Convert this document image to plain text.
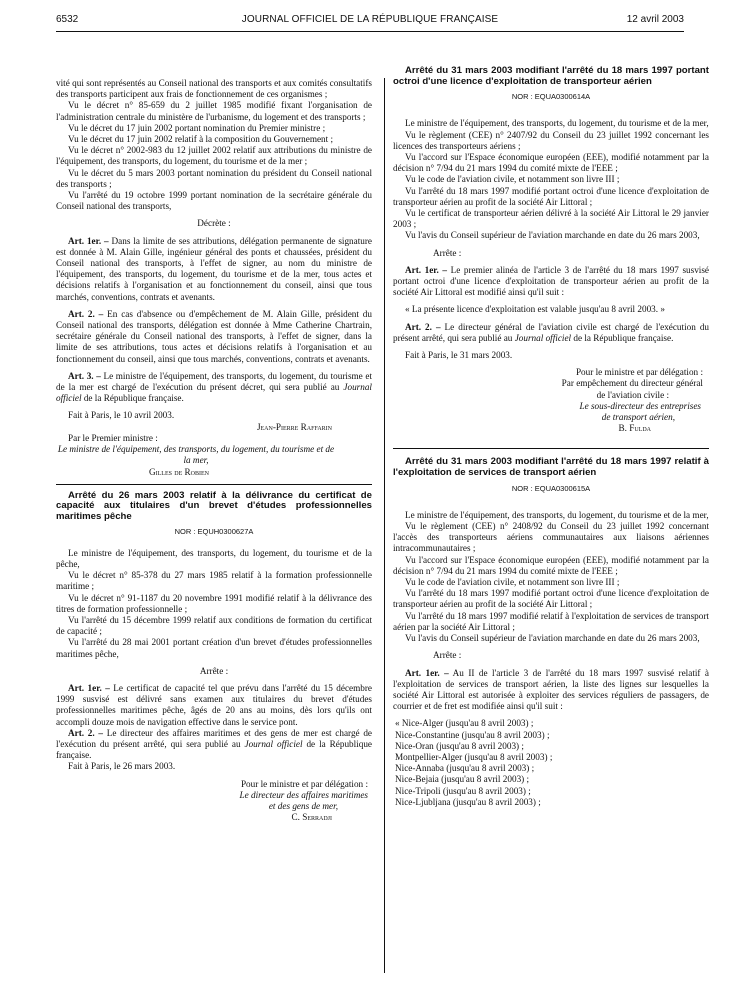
6532	JOURNAL OFFICIEL DE LA RÉPUBLIQUE FRANÇAISE	12 avril 2003

vité qui sont représentés au Conseil national des transports et aux comités consultatifs des transports participent aux frais de fonctionnement de ces organismes ;

Vu le décret n° 85-659 du 2 juillet 1985 modifié fixant l'organisation de l'administration centrale du ministère de l'urbanisme, du logement et des transports ;

Vu le décret du 17 juin 2002 portant nomination du Premier ministre ;

Vu le décret du 17 juin 2002 relatif à la composition du Gouvernement ;

Vu le décret n° 2002-983 du 12 juillet 2002 relatif aux attributions du ministre de l'équipement, des transports, du logement, du tourisme et de la mer ;

Vu le décret du 5 mars 2003 portant nomination du président du Conseil national des transports ;

Vu l'arrêté du 19 octobre 1999 portant nomination de la secrétaire générale du Conseil national des transports,

Décrète :

Art. 1er. – Dans la limite de ses attributions, délégation permanente de signature est donnée à M. Alain Gille, ingénieur général des ponts et chaussées, président du Conseil national des transports, à l'effet de signer, au nom du ministre de l'équipement, des transports, du logement, du tourisme et de la mer, tous actes et décisions relatifs à l'organisation et au fonctionnement du conseil, ainsi que tous marchés, conventions, contrats et avenants.

Art. 2. – En cas d'absence ou d'empêchement de M. Alain Gille, président du Conseil national des transports, délégation est donnée à Mme Catherine Chartrain, secrétaire générale du Conseil national des transports, à l'effet de signer, dans la limite de ses attributions, tous actes et décisions relatifs à l'organisation et au fonctionnement du conseil, ainsi que tous marchés, conventions, contrats et avenants.

Art. 3. – Le ministre de l'équipement, des transports, du logement, du tourisme et de la mer est chargé de l'exécution du présent décret, qui sera publié au Journal officiel de la République française.

Fait à Paris, le 10 avril 2003.

Jean-Pierre Raffarin

Par le Premier ministre :

Le ministre de l'équipement, des transports, du logement, du tourisme et de la mer,

Gilles de Robien

Arrêté du 26 mars 2003 relatif à la délivrance du certificat de capacité aux titulaires d'un brevet d'études professionnelles maritimes pêche

NOR : EQUH0300627A

Le ministre de l'équipement, des transports, du logement, du tourisme et de la pêche,

Vu le décret n° 85-378 du 27 mars 1985 relatif à la formation professionnelle maritime ;

Vu le décret n° 91-1187 du 20 novembre 1991 modifié relatif à la délivrance des titres de formation professionnelle ;

Vu l'arrêté du 15 décembre 1999 relatif aux conditions de formation du certificat de capacité ;

Vu l'arrêté du 28 mai 2001 portant création d'un brevet d'études professionnelles maritimes pêche,

Arrête :

Art. 1er. – Le certificat de capacité tel que prévu dans l'arrêté du 15 décembre 1999 susvisé est délivré sans examen aux titulaires du brevet d'études professionnelles maritimes pêche, âgés de 20 ans au moins, dès lors qu'ils ont accompli douze mois de navigation effective dans le service pont.

Art. 2. – Le directeur des affaires maritimes et des gens de mer est chargé de l'exécution du présent arrêté, qui sera publié au Journal officiel de la République française.

Fait à Paris, le 26 mars 2003.

Pour le ministre et par délégation :

Le directeur des affaires maritimes

et des gens de mer,

C. Serradji

Arrêté du 31 mars 2003 modifiant l'arrêté du 18 mars 1997 portant octroi d'une licence d'exploitation de transporteur aérien

NOR : EQUA0300614A

Le ministre de l'équipement, des transports, du logement, du tourisme et de la mer,

Vu le règlement (CEE) n° 2407/92 du Conseil du 23 juillet 1992 concernant les licences des transporteurs aériens ;

Vu l'accord sur l'Espace économique européen (EEE), modifié notamment par la décision n° 7/94 du 21 mars 1994 du comité mixte de l'EEE ;

Vu le code de l'aviation civile, et notamment son livre III ;

Vu l'arrêté du 18 mars 1997 modifié portant octroi d'une licence d'exploitation de transporteur aérien au profit de la société Air Littoral ;

Vu le certificat de transporteur aérien délivré à la société Air Littoral le 29 janvier 2003 ;

Vu l'avis du Conseil supérieur de l'aviation marchande en date du 26 mars 2003,

Arrête :

Art. 1er. – Le premier alinéa de l'article 3 de l'arrêté du 18 mars 1997 susvisé portant octroi d'une licence d'exploitation de transporteur aérien au profit de la société Air Littoral est modifié ainsi qu'il suit :

« La présente licence d'exploitation est valable jusqu'au 8 avril 2003. »

Art. 2. – Le directeur général de l'aviation civile est chargé de l'exécution du présent arrêté, qui sera publié au Journal officiel de la République française.

Fait à Paris, le 31 mars 2003.

Pour le ministre et par délégation :

Par empêchement du directeur général

de l'aviation civile :

Le sous-directeur des entreprises

de transport aérien,

B. Fulda

Arrêté du 31 mars 2003 modifiant l'arrêté du 18 mars 1997 relatif à l'exploitation de services de transport aérien

NOR : EQUA0300615A

Le ministre de l'équipement, des transports, du logement, du tourisme et de la mer,

Vu le règlement (CEE) n° 2408/92 du Conseil du 23 juillet 1992 concernant l'accès des transporteurs aériens communautaires aux liaisons aériennes intracommunautaires ;

Vu l'accord sur l'Espace économique européen (EEE), modifié notamment par la décision n° 7/94 du 21 mars 1994 du comité mixte de l'EEE ;

Vu le code de l'aviation civile, et notamment son livre III ;

Vu l'arrêté du 18 mars 1997 modifié portant octroi d'une licence d'exploitation de transporteur aérien au profit de la société Air Littoral ;

Vu l'arrêté du 18 mars 1997 modifié relatif à l'exploitation de services de transport aérien par la société Air Littoral ;

Vu l'avis du Conseil supérieur de l'aviation marchande en date du 26 mars 2003,

Arrête :

Art. 1er. – Au II de l'article 3 de l'arrêté du 18 mars 1997 susvisé relatif à l'exploitation de services de transport aérien, la liste des lignes sur lesquelles la société Air Littoral est autorisée à exploiter des services réguliers de passagers, de courrier et de fret est modifiée ainsi qu'il suit :

« Nice-Alger (jusqu'au 8 avril 2003) ;

Nice-Constantine (jusqu'au 8 avril 2003) ;

Nice-Oran (jusqu'au 8 avril 2003) ;

Montpellier-Alger (jusqu'au 8 avril 2003) ;

Nice-Annaba (jusqu'au 8 avril 2003) ;

Nice-Bejaia (jusqu'au 8 avril 2003) ;

Nice-Tripoli (jusqu'au 8 avril 2003) ;

Nice-Ljubljana (jusqu'au 8 avril 2003) ;
